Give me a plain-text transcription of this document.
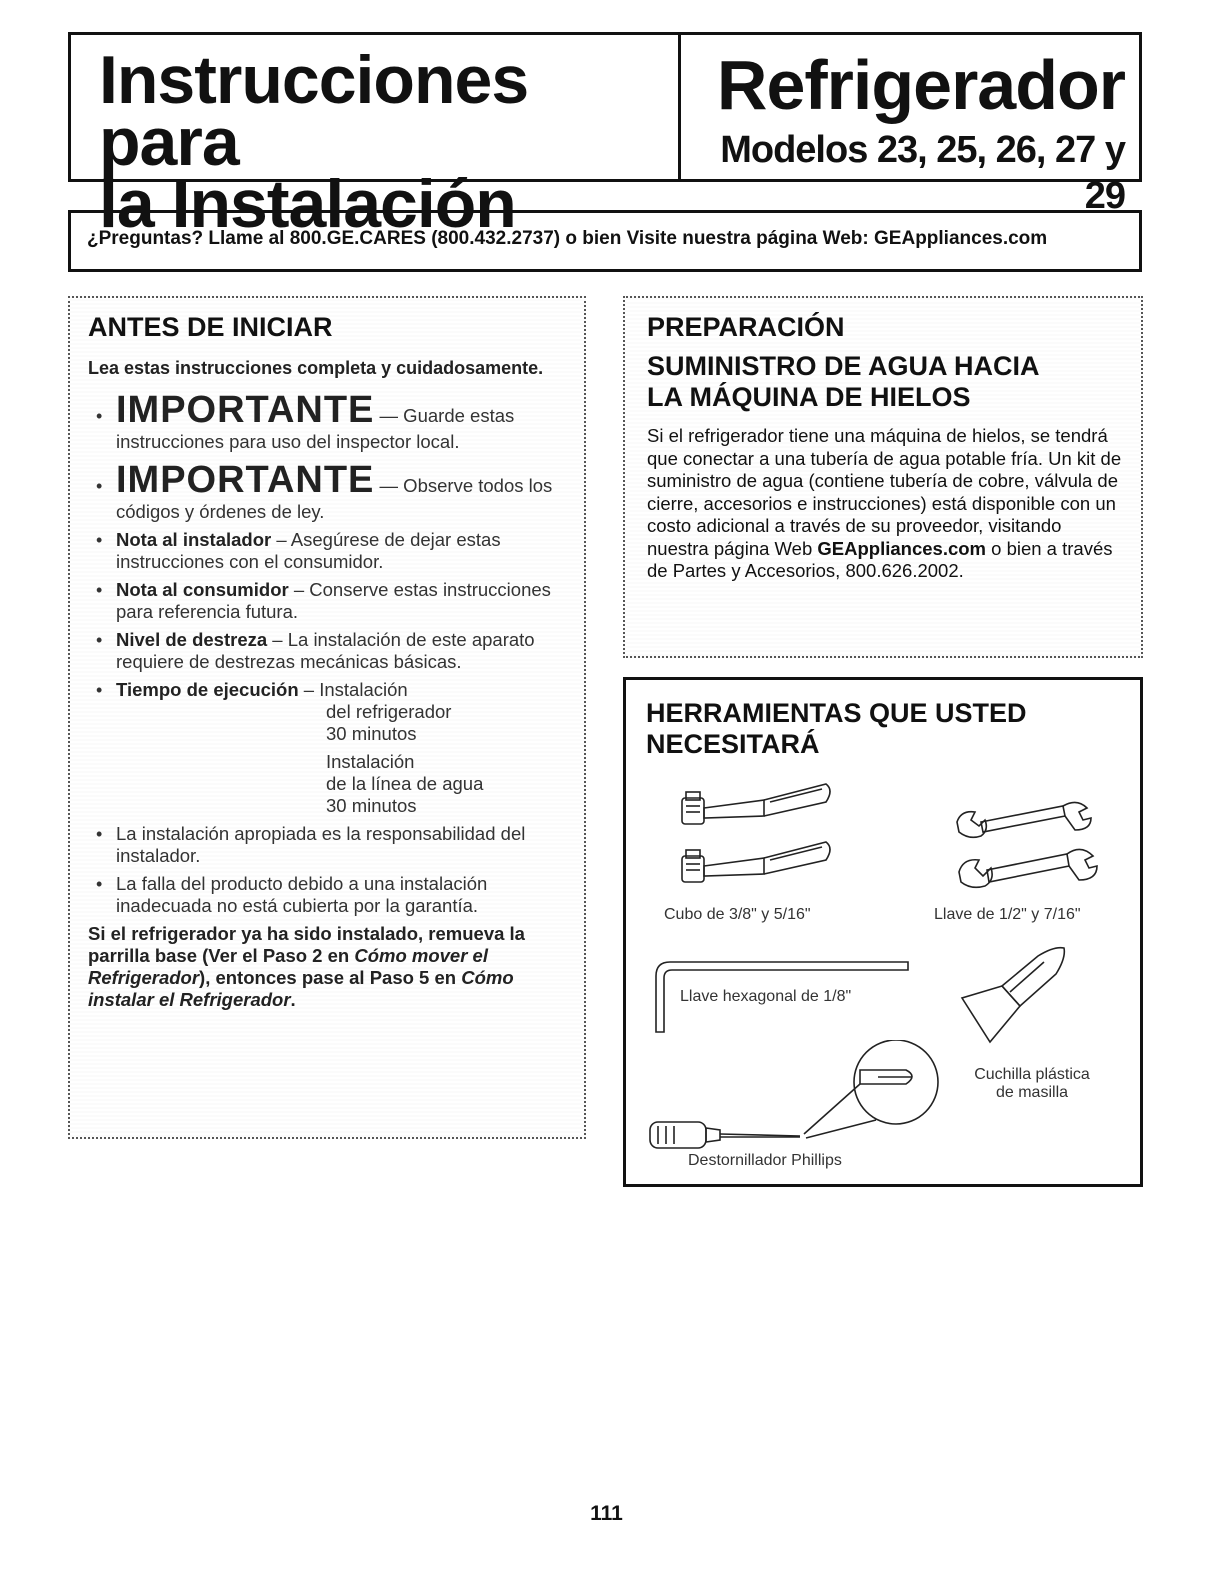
Instrucciones para
la Instalación
Refrigerador
Modelos 23, 25, 26, 27 y 29
¿Preguntas? Llame al 800.GE.CARES (800.432.2737) o bien Visite nuestra página Web: GEAppliances.com
ANTES DE INICIAR
Lea estas instrucciones completa y cuidadosamente.
• IMPORTANTE — Guarde estas instrucciones para uso del inspector local.
• IMPORTANTE — Observe todos los códigos y órdenes de ley.
• Nota al instalador – Asegúrese de dejar estas instrucciones con el consumidor.
• Nota al consumidor – Conserve estas instrucciones para referencia futura.
• Nivel de destreza – La instalación de este aparato requiere de destrezas mecánicas básicas.
• Tiempo de ejecución – Instalación
del refrigerador
30 minutos
Instalación
de la línea de agua
30 minutos
• La instalación apropiada es la responsabilidad del instalador.
• La falla del producto debido a una instalación inadecuada no está cubierta por la garantía.
Si el refrigerador ya ha sido instalado, remueva la parrilla base (Ver el Paso 2 en Cómo mover el Refrigerador), entonces pase al Paso 5 en Cómo instalar el Refrigerador.
PREPARACIÓN
SUMINISTRO DE AGUA HACIA
LA MÁQUINA DE HIELOS
Si el refrigerador tiene una máquina de hielos, se tendrá que conectar a una tubería de agua potable fría. Un kit de suministro de agua (contiene tubería de cobre, válvula de cierre, accesorios e instrucciones) está disponible con un costo adicional a través de su proveedor, visitando nuestra página Web GEAppliances.com o bien a través de Partes y Accesorios, 800.626.2002.
HERRAMIENTAS QUE USTED
NECESITARÁ
Cubo de 3/8" y 5/16"	Llave de 1/2" y 7/16"
Llave hexagonal de 1/8"
Cuchilla plástica
de masilla
Destornillador Phillips
111
